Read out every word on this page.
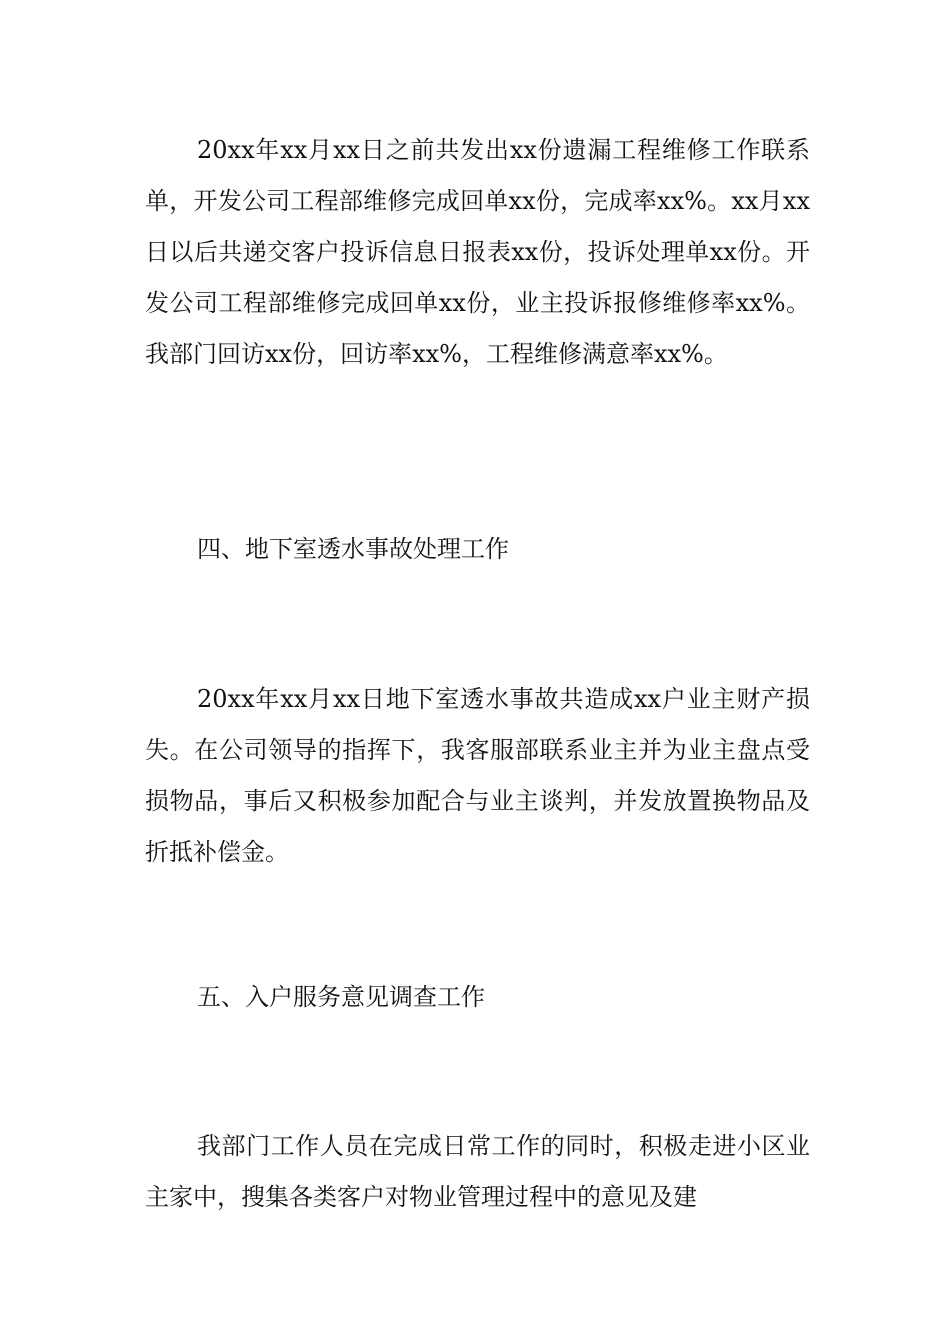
20xx年xx月xx日之前共发出xx份遗漏工程维修工作联系单，开发公司工程部维修完成回单xx份，完成率xx%。xx月xx日以后共递交客户投诉信息日报表xx份，投诉处理单xx份。开发公司工程部维修完成回单xx份，业主投诉报修维修率xx%。我部门回访xx份，回访率xx%，工程维修满意率xx%。

四、地下室透水事故处理工作

20xx年xx月xx日地下室透水事故共造成xx户业主财产损失。在公司领导的指挥下，我客服部联系业主并为业主盘点受损物品，事后又积极参加配合与业主谈判，并发放置换物品及折抵补偿金。

五、入户服务意见调查工作

我部门工作人员在完成日常工作的同时，积极走进小区业主家中，搜集各类客户对物业管理过程中的意见及建
